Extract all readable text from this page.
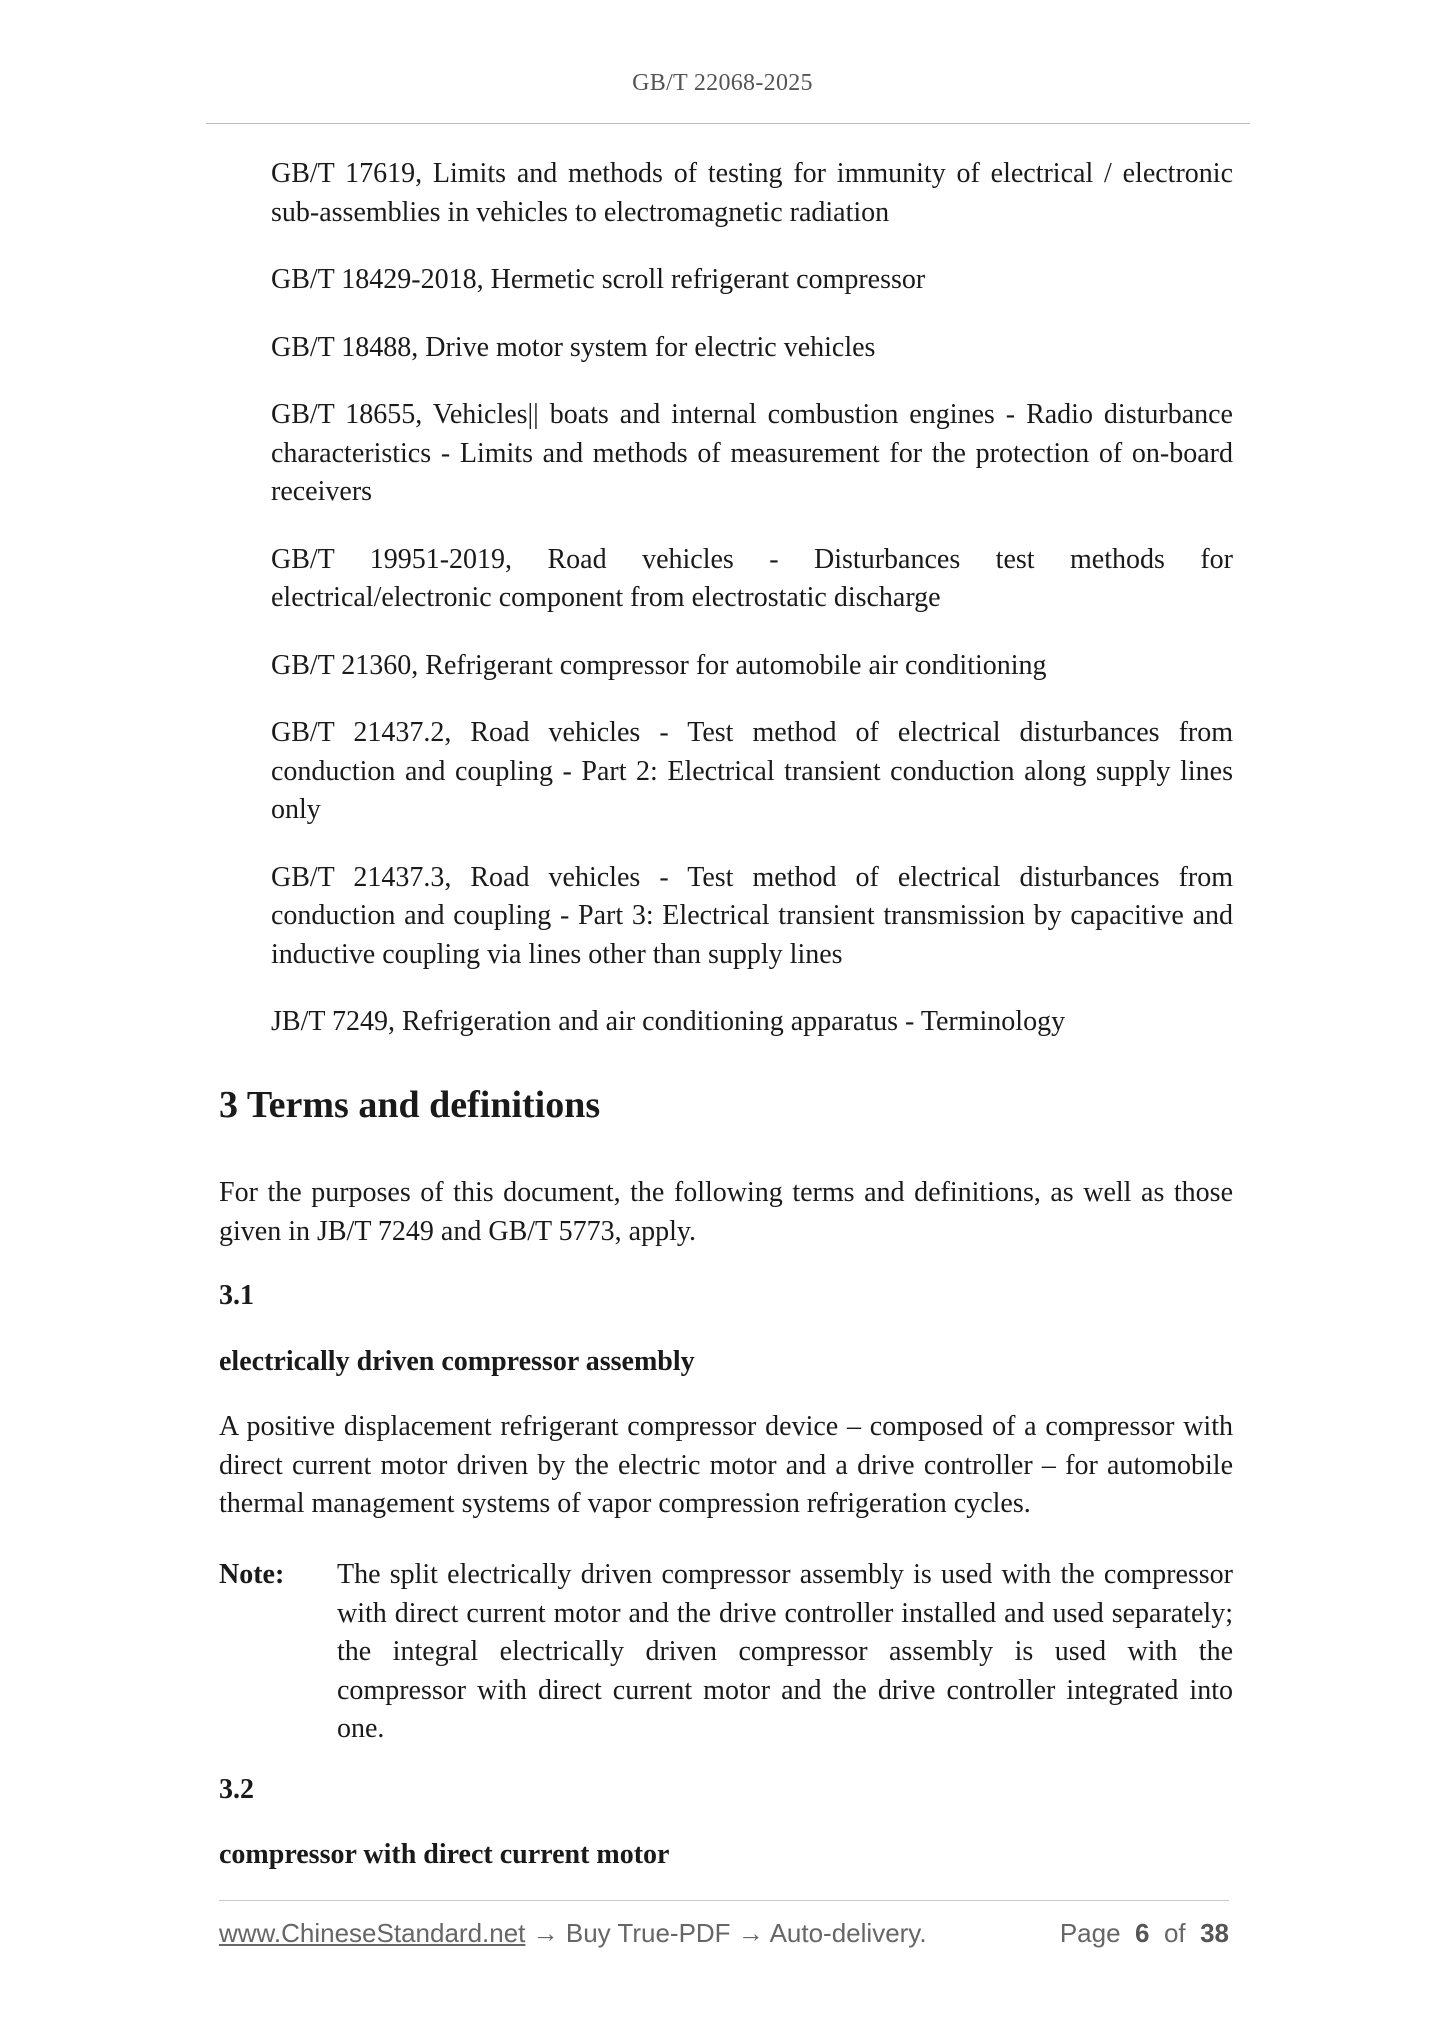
GB/T 22068-2025

GB/T 17619, Limits and methods of testing for immunity of electrical / electronic sub-assemblies in vehicles to electromagnetic radiation

GB/T 18429-2018, Hermetic scroll refrigerant compressor

GB/T 18488, Drive motor system for electric vehicles

GB/T 18655, Vehicles|| boats and internal combustion engines - Radio disturbance characteristics - Limits and methods of measurement for the protection of on-board receivers

GB/T 19951-2019, Road vehicles - Disturbances test methods for electrical/electronic component from electrostatic discharge

GB/T 21360, Refrigerant compressor for automobile air conditioning

GB/T 21437.2, Road vehicles - Test method of electrical disturbances from conduction and coupling - Part 2: Electrical transient conduction along supply lines only

GB/T 21437.3, Road vehicles - Test method of electrical disturbances from conduction and coupling - Part 3: Electrical transient transmission by capacitive and inductive coupling via lines other than supply lines

JB/T 7249, Refrigeration and air conditioning apparatus - Terminology

3 Terms and definitions

For the purposes of this document, the following terms and definitions, as well as those given in JB/T 7249 and GB/T 5773, apply.

3.1
electrically driven compressor assembly

A positive displacement refrigerant compressor device – composed of a compressor with direct current motor driven by the electric motor and a drive controller – for automobile thermal management systems of vapor compression refrigeration cycles.

Note:	The split electrically driven compressor assembly is used with the compressor with direct current motor and the drive controller installed and used separately; the integral electrically driven compressor assembly is used with the compressor with direct current motor and the drive controller integrated into one.
3.2
compressor with direct current motor
www.ChineseStandard.net → Buy True-PDF → Auto-delivery.	Page 6 of 38
